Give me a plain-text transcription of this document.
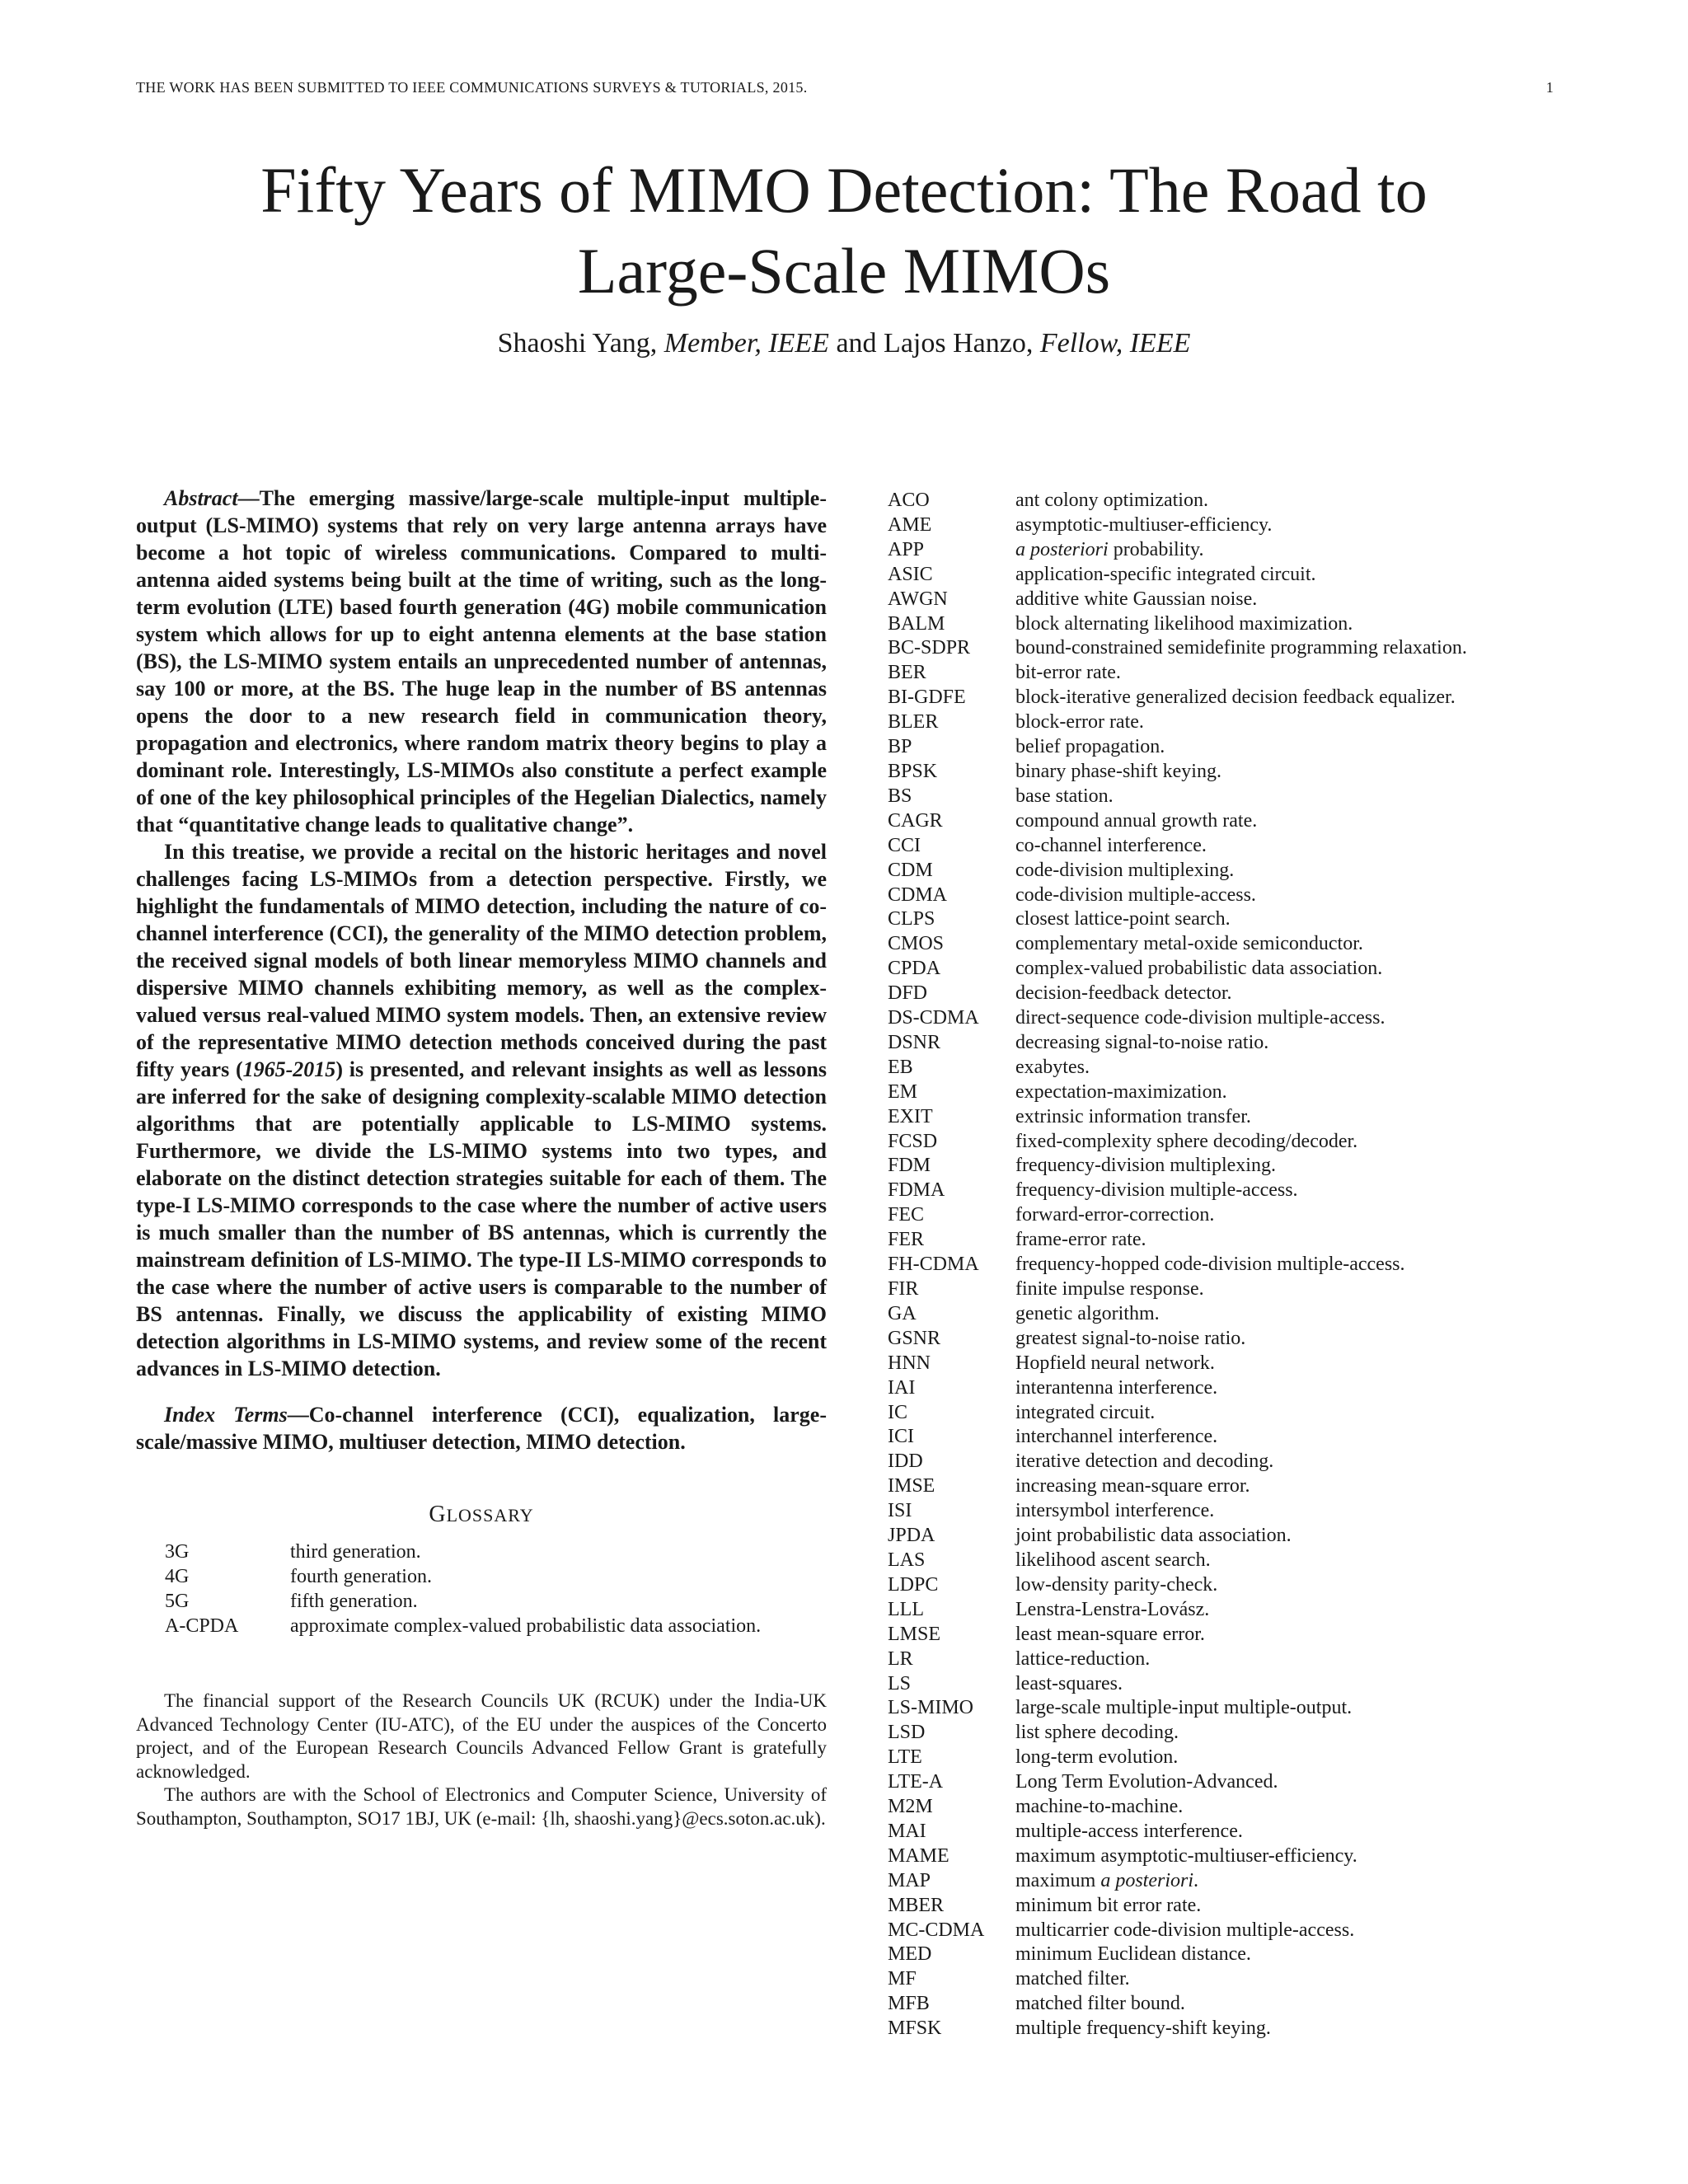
THE WORK HAS BEEN SUBMITTED TO IEEE COMMUNICATIONS SURVEYS & TUTORIALS, 2015.	1
Fifty Years of MIMO Detection: The Road to
Large-Scale MIMOs
Shaoshi Yang, Member, IEEE and Lajos Hanzo, Fellow, IEEE

Abstract—The emerging massive/large-scale multiple-input multiple-output (LS-MIMO) systems that rely on very large antenna arrays have become a hot topic of wireless communications. Compared to multi-antenna aided systems being built at the time of writing, such as the long-term evolution (LTE) based fourth generation (4G) mobile communication system which allows for up to eight antenna elements at the base station (BS), the LS-MIMO system entails an unprecedented number of antennas, say 100 or more, at the BS. The huge leap in the number of BS antennas opens the door to a new research field in communication theory, propagation and electronics, where random matrix theory begins to play a dominant role. Interestingly, LS-MIMOs also constitute a perfect example of one of the key philosophical principles of the Hegelian Dialectics, namely that “quantitative change leads to qualitative change”.

In this treatise, we provide a recital on the historic heritages and novel challenges facing LS-MIMOs from a detection perspective. Firstly, we highlight the fundamentals of MIMO detection, including the nature of co-channel interference (CCI), the generality of the MIMO detection problem, the received signal models of both linear memoryless MIMO channels and dispersive MIMO channels exhibiting memory, as well as the complex-valued versus real-valued MIMO system models. Then, an extensive review of the representative MIMO detection methods conceived during the past fifty years (1965-2015) is presented, and relevant insights as well as lessons are inferred for the sake of designing complexity-scalable MIMO detection algorithms that are potentially applicable to LS-MIMO systems. Furthermore, we divide the LS-MIMO systems into two types, and elaborate on the distinct detection strategies suitable for each of them. The type-I LS-MIMO corresponds to the case where the number of active users is much smaller than the number of BS antennas, which is currently the mainstream definition of LS-MIMO. The type-II LS-MIMO corresponds to the case where the number of active users is comparable to the number of BS antennas. Finally, we discuss the applicability of existing MIMO detection algorithms in LS-MIMO systems, and review some of the recent advances in LS-MIMO detection.

Index Terms—Co-channel interference (CCI), equalization, large-scale/massive MIMO, multiuser detection, MIMO detection.

GLOSSARY
3G	third generation.
4G	fourth generation.
5G	fifth generation.
A-CPDA	approximate complex-valued probabilistic data association.

The financial support of the Research Councils UK (RCUK) under the India-UK Advanced Technology Center (IU-ATC), of the EU under the auspices of the Concerto project, and of the European Research Councils Advanced Fellow Grant is gratefully acknowledged.

The authors are with the School of Electronics and Computer Science, University of Southampton, Southampton, SO17 1BJ, UK (e-mail: {lh, shaoshi.yang}@ecs.soton.ac.uk).

ACO	ant colony optimization.
AME	asymptotic-multiuser-efficiency.
APP	a posteriori probability.
ASIC	application-specific integrated circuit.
AWGN	additive white Gaussian noise.
BALM	block alternating likelihood maximization.
BC-SDPR	bound-constrained semidefinite programming relaxation.
BER	bit-error rate.
BI-GDFE	block-iterative generalized decision feedback equalizer.
BLER	block-error rate.
BP	belief propagation.
BPSK	binary phase-shift keying.
BS	base station.
CAGR	compound annual growth rate.
CCI	co-channel interference.
CDM	code-division multiplexing.
CDMA	code-division multiple-access.
CLPS	closest lattice-point search.
CMOS	complementary metal-oxide semiconductor.
CPDA	complex-valued probabilistic data association.
DFD	decision-feedback detector.
DS-CDMA	direct-sequence code-division multiple-access.
DSNR	decreasing signal-to-noise ratio.
EB	exabytes.
EM	expectation-maximization.
EXIT	extrinsic information transfer.
FCSD	fixed-complexity sphere decoding/decoder.
FDM	frequency-division multiplexing.
FDMA	frequency-division multiple-access.
FEC	forward-error-correction.
FER	frame-error rate.
FH-CDMA	frequency-hopped code-division multiple-access.
FIR	finite impulse response.
GA	genetic algorithm.
GSNR	greatest signal-to-noise ratio.
HNN	Hopfield neural network.
IAI	interantenna interference.
IC	integrated circuit.
ICI	interchannel interference.
IDD	iterative detection and decoding.
IMSE	increasing mean-square error.
ISI	intersymbol interference.
JPDA	joint probabilistic data association.
LAS	likelihood ascent search.
LDPC	low-density parity-check.
LLL	Lenstra-Lenstra-Lovász.
LMSE	least mean-square error.
LR	lattice-reduction.
LS	least-squares.
LS-MIMO	large-scale multiple-input multiple-output.
LSD	list sphere decoding.
LTE	long-term evolution.
LTE-A	Long Term Evolution-Advanced.
M2M	machine-to-machine.
MAI	multiple-access interference.
MAME	maximum asymptotic-multiuser-efficiency.
MAP	maximum a posteriori.
MBER	minimum bit error rate.
MC-CDMA	multicarrier code-division multiple-access.
MED	minimum Euclidean distance.
MF	matched filter.
MFB	matched filter bound.
MFSK	multiple frequency-shift keying.
